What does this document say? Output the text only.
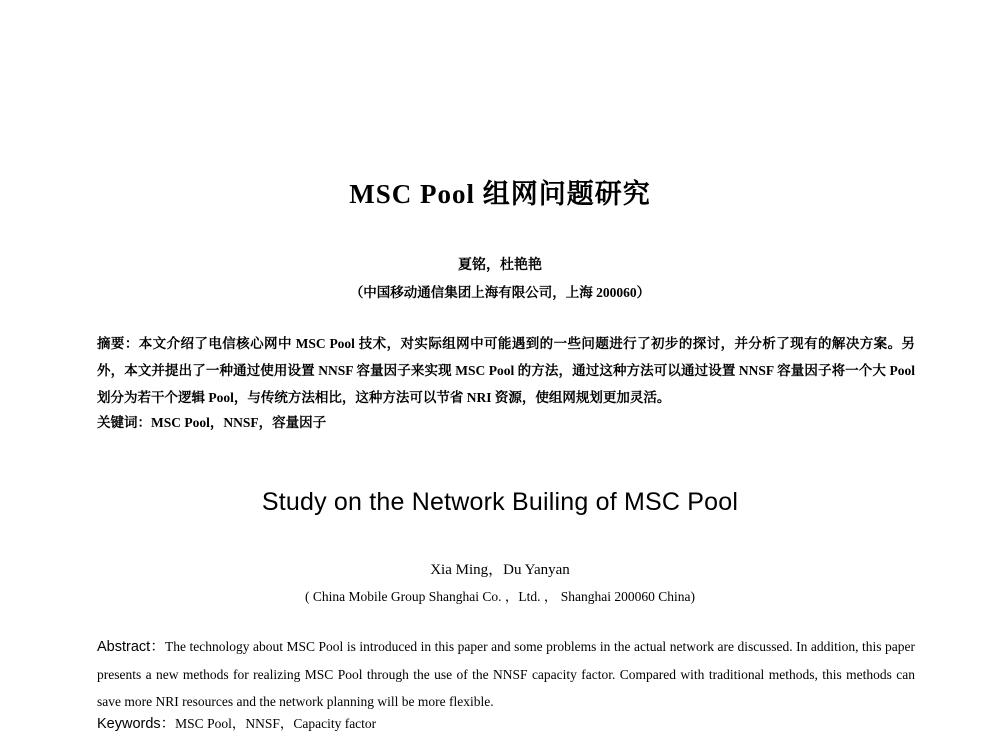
MSC Pool 组网问题研究
夏铭，杜艳艳
（中国移动通信集团上海有限公司，上海 200060）
摘要：本文介绍了电信核心网中 MSC Pool 技术，对实际组网中可能遇到的一些问题进行了初步的探讨，并分析了现有的解决方案。另外，本文并提出了一种通过使用设置 NNSF 容量因子来实现 MSC Pool 的方法，通过这种方法可以通过设置 NNSF 容量因子将一个大 Pool 划分为若干个逻辑 Pool，与传统方法相比，这种方法可以节省 NRI 资源，使组网规划更加灵活。
关键词：MSC Pool，NNSF，容量因子
Study on the Network Builing of MSC Pool
Xia Ming，Du Yanyan
( China Mobile Group Shanghai Co. ，Ltd. ， Shanghai 200060 China)
Abstract：The technology about MSC Pool is introduced in this paper and some problems in the actual network are discussed. In addition, this paper presents a new methods for realizing MSC Pool through the use of the NNSF capacity factor. Compared with traditional methods, this methods can save more NRI resources and the network planning will be more flexible.
Keywords：MSC Pool，NNSF，Capacity factor
